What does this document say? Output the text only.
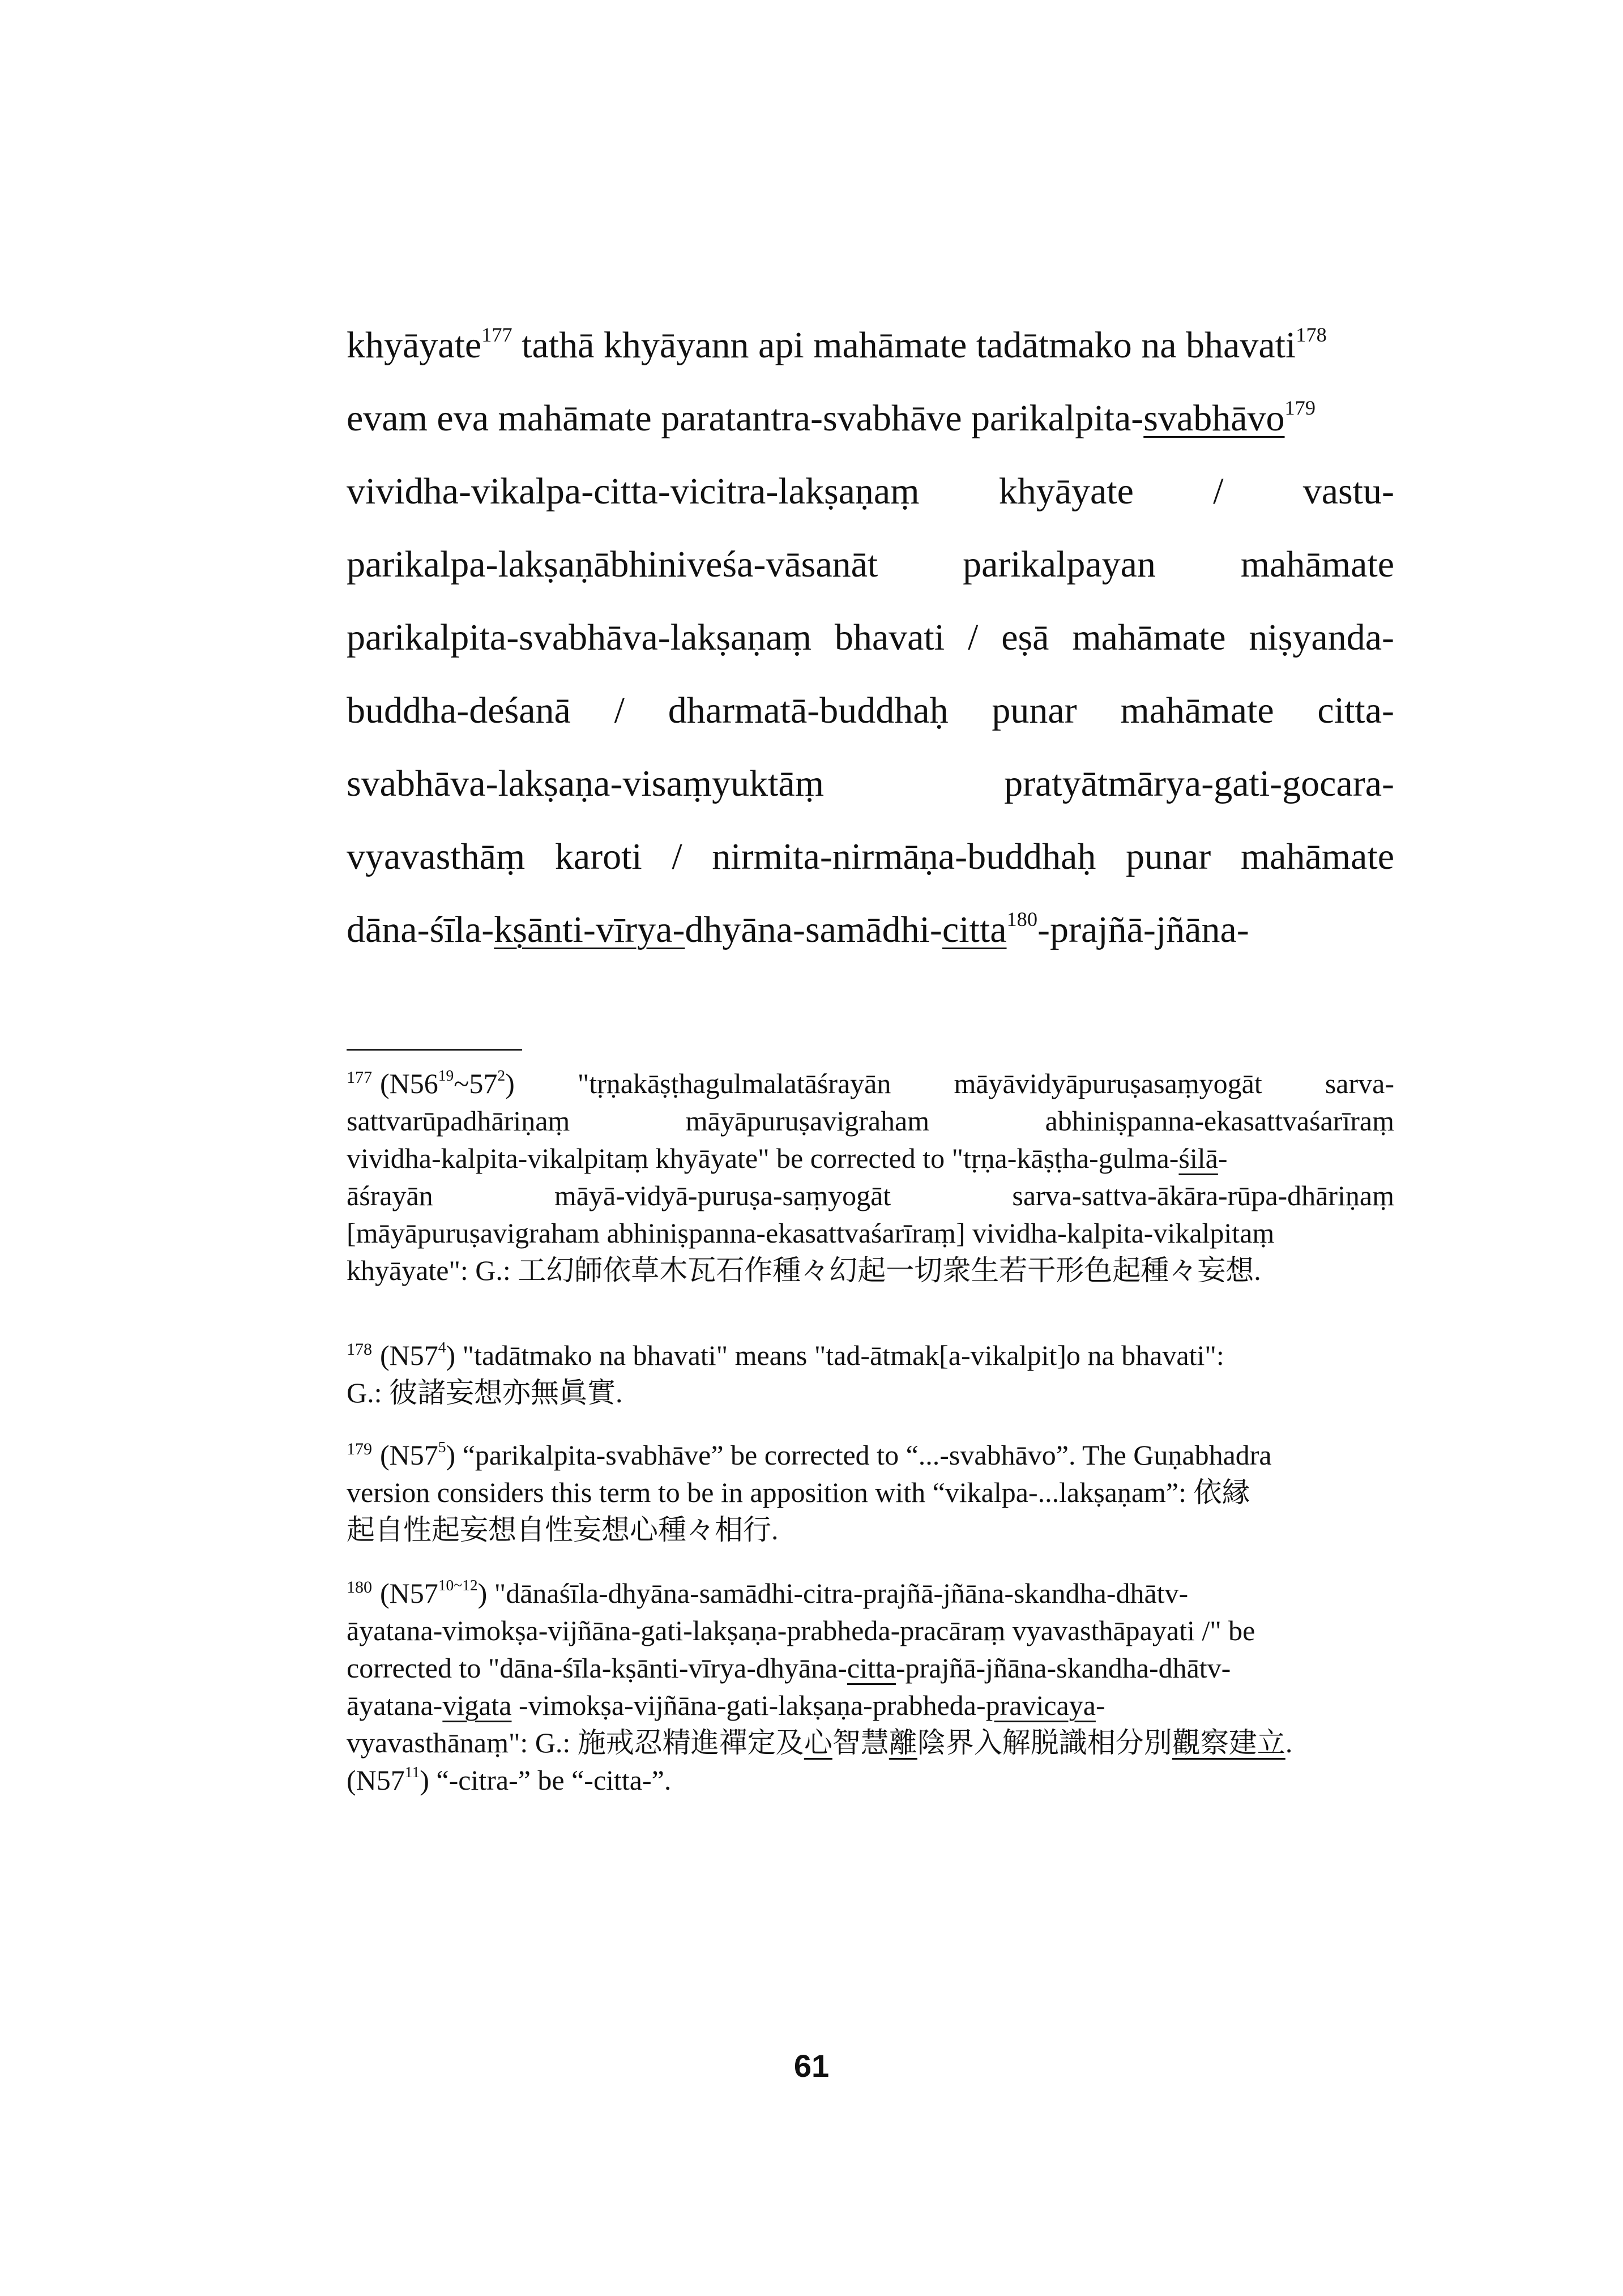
khyāyate$^{177}$ tathā khyāyann api mahāmate tadātmako na bhavati$^{178}$
evam eva mahāmate paratantra-svabhāve parikalpita-svabhāvo$^{179}$
vividha-vikalpa-citta-vicitra-lakṣaṇaṃ khyāyate / vastu-
parikalpa-lakṣaṇābhiniveśa-vāsanāt parikalpayan mahāmate
parikalpita-svabhāva-lakṣaṇaṃ bhavati / eṣā mahāmate niṣyanda-
buddha-deśanā / dharmatā-buddhaḥ punar mahāmate citta-
svabhāva-lakṣaṇa-visaṃyuktāṃ pratyātmārya-gati-gocara-
vyavasthāṃ karoti / nirmita-nirmāṇa-buddhaḥ punar mahāmate
dāna-śīla-kṣānti-vīrya-dhyāna-samādhi-citta$^{180}$-prajñā-jñāna-
$^{177}$ $(N56^{19}\sim 57^2)$ "tṛṇakāṣṭhagulmalatāśrayān māyāvidyāpuruṣasaṃyogāt sarva-
sattvarūpadhāriṇaṃ māyāpuruṣavigraham abhiniṣpanna-ekasattvaśarīraṃ
vividha-kalpita-vikalpitaṃ khyāyate" be corrected to "tṛṇa-kāṣṭha-gulma-śilā-
āśrayān māyā-vidyā-puruṣa-saṃyogāt sarva-sattva-ākāra-rūpa-dhāriṇaṃ
[māyāpuruṣavigraham abhiniṣpanna-ekasattvaśarīraṃ] vividha-kalpita-vikalpitaṃ
khyāyate": G.: 工幻師依草木瓦石作種々幻起一切衆生若干形色起種々妄想.
$^{178}$ $(N57^4)$ "tadātmako na bhavati" means "tad-ātmak[a-vikalpit]o na bhavati":
G.: 彼諸妄想亦無眞實.
$^{179}$ $(N57^5)$ “parikalpita-svabhāve” be corrected to “...-svabhāvo”. The Guṇabhadra
version considers this term to be in apposition with “vikalpa-...lakṣaṇam”: 依縁
起自性起妄想自性妄想心種々相行.
$^{180}$ $(N57^{10\sim 12})$ "dānaśīla-dhyāna-samādhi-citra-prajñā-jñāna-skandha-dhātv-
āyatana-vimokṣa-vijñāna-gati-lakṣaṇa-prabheda-pracāraṃ vyavasthāpayati /" be
corrected to "dāna-śīla-kṣānti-vīrya-dhyāna-citta-prajñā-jñāna-skandha-dhātv-
āyatana-vigata -vimokṣa-vijñāna-gati-lakṣaṇa-prabheda-pravicaya-
vyavasthānaṃ": G.: 施戒忍精進禪定及心智慧離陰界入解脱識相分別觀察建立.
$(N57^{11})$ “-citra-” be “-citta-”.
61
